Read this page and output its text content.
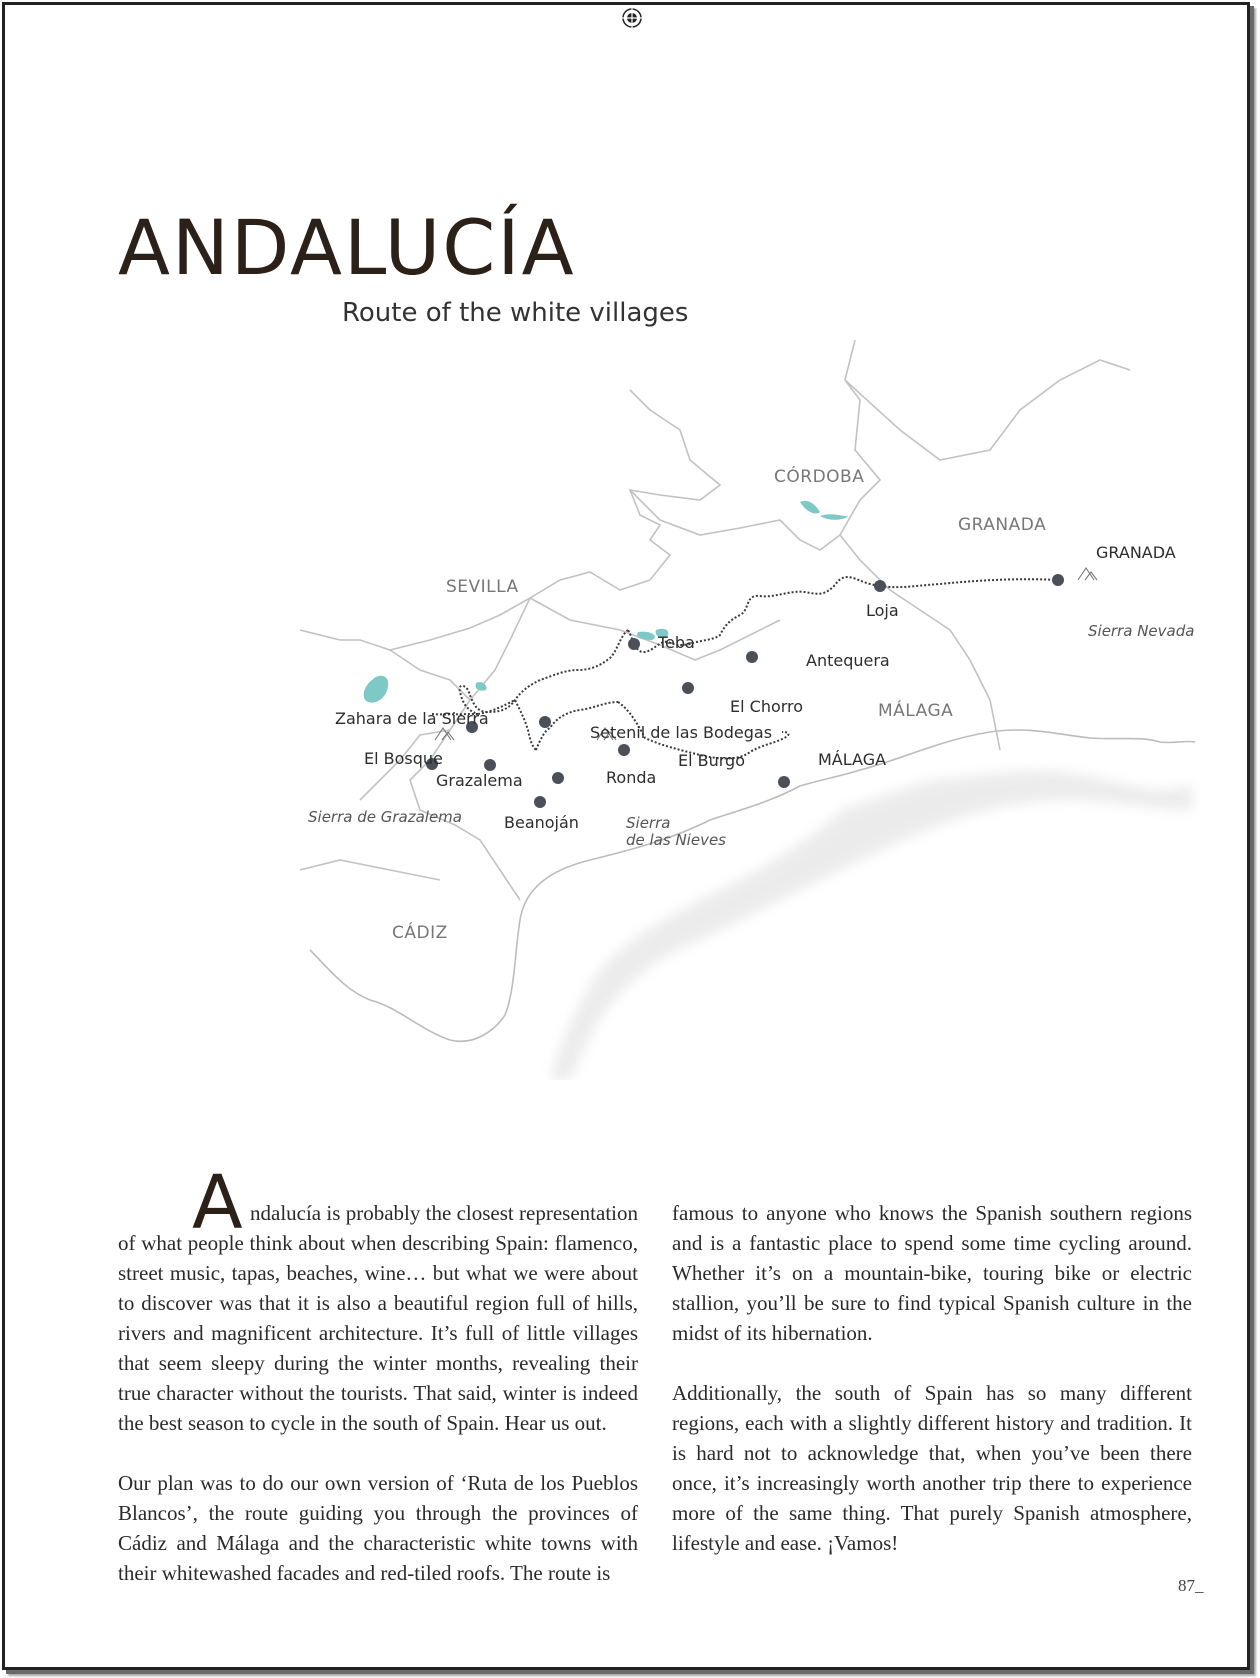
ANDALUCÍA
Route of the white villages
CÓRDOBA
GRANADA
SEVILLA
MÁLAGA
CÁDIZ
GRANADA
Loja
Antequera
Teba
El Chorro
Zahara de la Sierra
Setenil de las Bodegas
El Bosque
Grazalema	Ronda
El Burgo	MÁLAGA
Beanoján
Sierra Nevada
Sierra de Grazalema	Sierra
de las Nieves

A ndalucía is probably the closest representation of what people think about when describing Spain: flamenco, street music, tapas, beaches, wine… but what we were about to discover was that it is also a beautiful region full of hills, rivers and magnificent architecture. It’s full of little villages that seem sleepy during the winter months, revealing their true character without the tourists. That said, winter is indeed the best season to cycle in the south of Spain. Hear us out.

Our plan was to do our own version of ‘Ruta de los Pueblos Blancos’, the route guiding you through the provinces of Cádiz and Málaga and the characteristic white towns with their whitewashed facades and red-tiled roofs. The route is

famous to anyone who knows the Spanish southern regions and is a fantastic place to spend some time cycling around. Whether it’s on a mountain-bike, touring bike or electric stallion, you’ll be sure to find typical Spanish culture in the midst of its hibernation.

Additionally, the south of Spain has so many different regions, each with a slightly different history and tradition. It is hard not to acknowledge that, when you’ve been there once, it’s increasingly worth another trip there to experience more of the same thing. That purely Spanish atmosphere, lifestyle and ease. ¡Vamos!

87_
